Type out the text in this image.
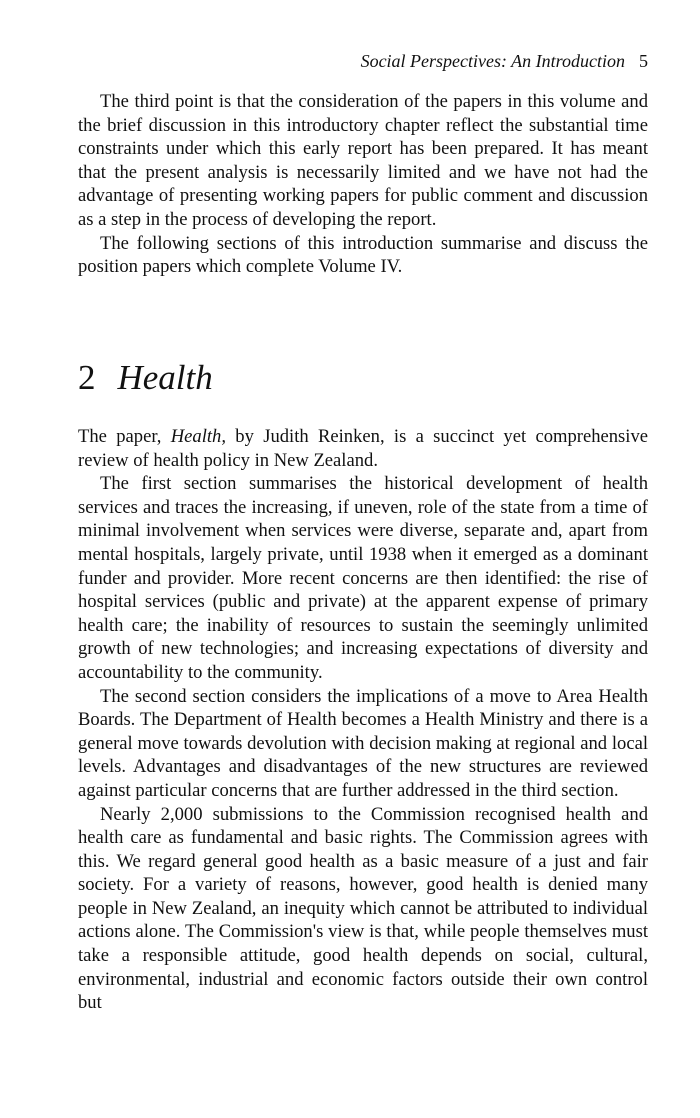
Social Perspectives: An Introduction 5

The third point is that the consideration of the papers in this volume and the brief discussion in this introductory chapter reflect the substantial time constraints under which this early report has been prepared. It has meant that the present analysis is necessarily limited and we have not had the advantage of presenting working papers for public comment and discussion as a step in the process of developing the report.

The following sections of this introduction summarise and discuss the position papers which complete Volume IV.

2 Health

The paper, Health, by Judith Reinken, is a succinct yet comprehensive review of health policy in New Zealand.

The first section summarises the historical development of health services and traces the increasing, if uneven, role of the state from a time of minimal involvement when services were diverse, separate and, apart from mental hospitals, largely private, until 1938 when it emerged as a dominant funder and provider. More recent concerns are then identified: the rise of hospital services (public and private) at the apparent expense of primary health care; the inability of resources to sustain the seemingly unlimited growth of new technologies; and increasing expectations of diversity and accountability to the community.

The second section considers the implications of a move to Area Health Boards. The Department of Health becomes a Health Ministry and there is a general move towards devolution with decision making at regional and local levels. Advantages and disadvantages of the new structures are reviewed against particular concerns that are further addressed in the third section.

Nearly 2,000 submissions to the Commission recognised health and health care as fundamental and basic rights. The Commission agrees with this. We regard general good health as a basic measure of a just and fair society. For a variety of reasons, however, good health is denied many people in New Zealand, an inequity which cannot be attributed to individual actions alone. The Commission's view is that, while people themselves must take a responsible attitude, good health depends on social, cultural, environmental, industrial and economic factors outside their own control but
